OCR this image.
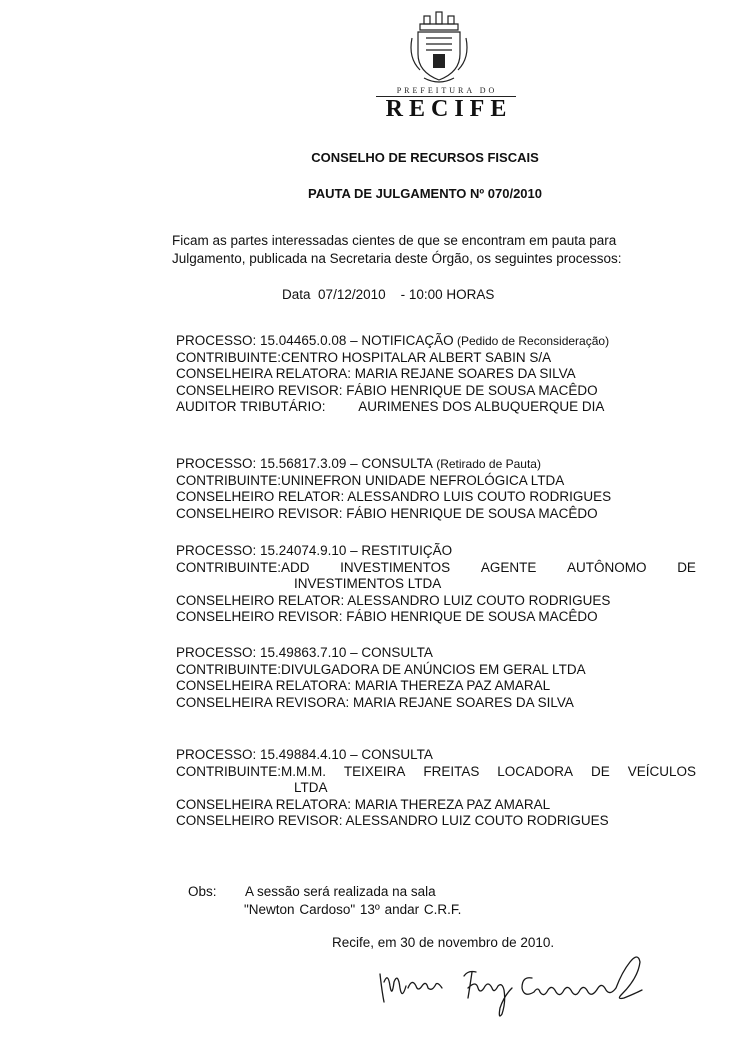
PREFEITURA DO
RECIFE
CONSELHO DE RECURSOS FISCAIS
PAUTA DE JULGAMENTO Nº 070/2010
Ficam as partes interessadas cientes de que se encontram em pauta para
Julgamento, publicada na Secretaria deste Órgão, os seguintes processos:
Data 07/12/2010 - 10:00 HORAS
PROCESSO: 15.04465.0.08 – NOTIFICAÇÃO (Pedido de Reconsideração)
CONTRIBUINTE:CENTRO HOSPITALAR ALBERT SABIN S/A
CONSELHEIRA RELATORA: MARIA REJANE SOARES DA SILVA
CONSELHEIRO REVISOR: FÁBIO HENRIQUE DE SOUSA MACÊDO
AUDITOR TRIBUTÁRIO: AURIMENES DOS ALBUQUERQUE DIA
PROCESSO: 15.56817.3.09 – CONSULTA (Retirado de Pauta)
CONTRIBUINTE:UNINEFRON UNIDADE NEFROLÓGICA LTDA
CONSELHEIRO RELATOR: ALESSANDRO LUIS COUTO RODRIGUES
CONSELHEIRO REVISOR: FÁBIO HENRIQUE DE SOUSA MACÊDO
PROCESSO: 15.24074.9.10 – RESTITUIÇÃO
CONTRIBUINTE:ADD INVESTIMENTOS AGENTE AUTÔNOMO DE
INVESTIMENTOS LTDA
CONSELHEIRO RELATOR: ALESSANDRO LUIZ COUTO RODRIGUES
CONSELHEIRO REVISOR: FÁBIO HENRIQUE DE SOUSA MACÊDO
PROCESSO: 15.49863.7.10 – CONSULTA
CONTRIBUINTE:DIVULGADORA DE ANÚNCIOS EM GERAL LTDA
CONSELHEIRA RELATORA: MARIA THEREZA PAZ AMARAL
CONSELHEIRA REVISORA: MARIA REJANE SOARES DA SILVA
PROCESSO: 15.49884.4.10 – CONSULTA
CONTRIBUINTE:M.M.M. TEIXEIRA FREITAS LOCADORA DE VEÍCULOS
LTDA
CONSELHEIRA RELATORA: MARIA THEREZA PAZ AMARAL
CONSELHEIRO REVISOR: ALESSANDRO LUIZ COUTO RODRIGUES
Obs: A sessão será realizada na sala
"Newton Cardoso" 13º andar C.R.F.
Recife, em 30 de novembro de 2010.
